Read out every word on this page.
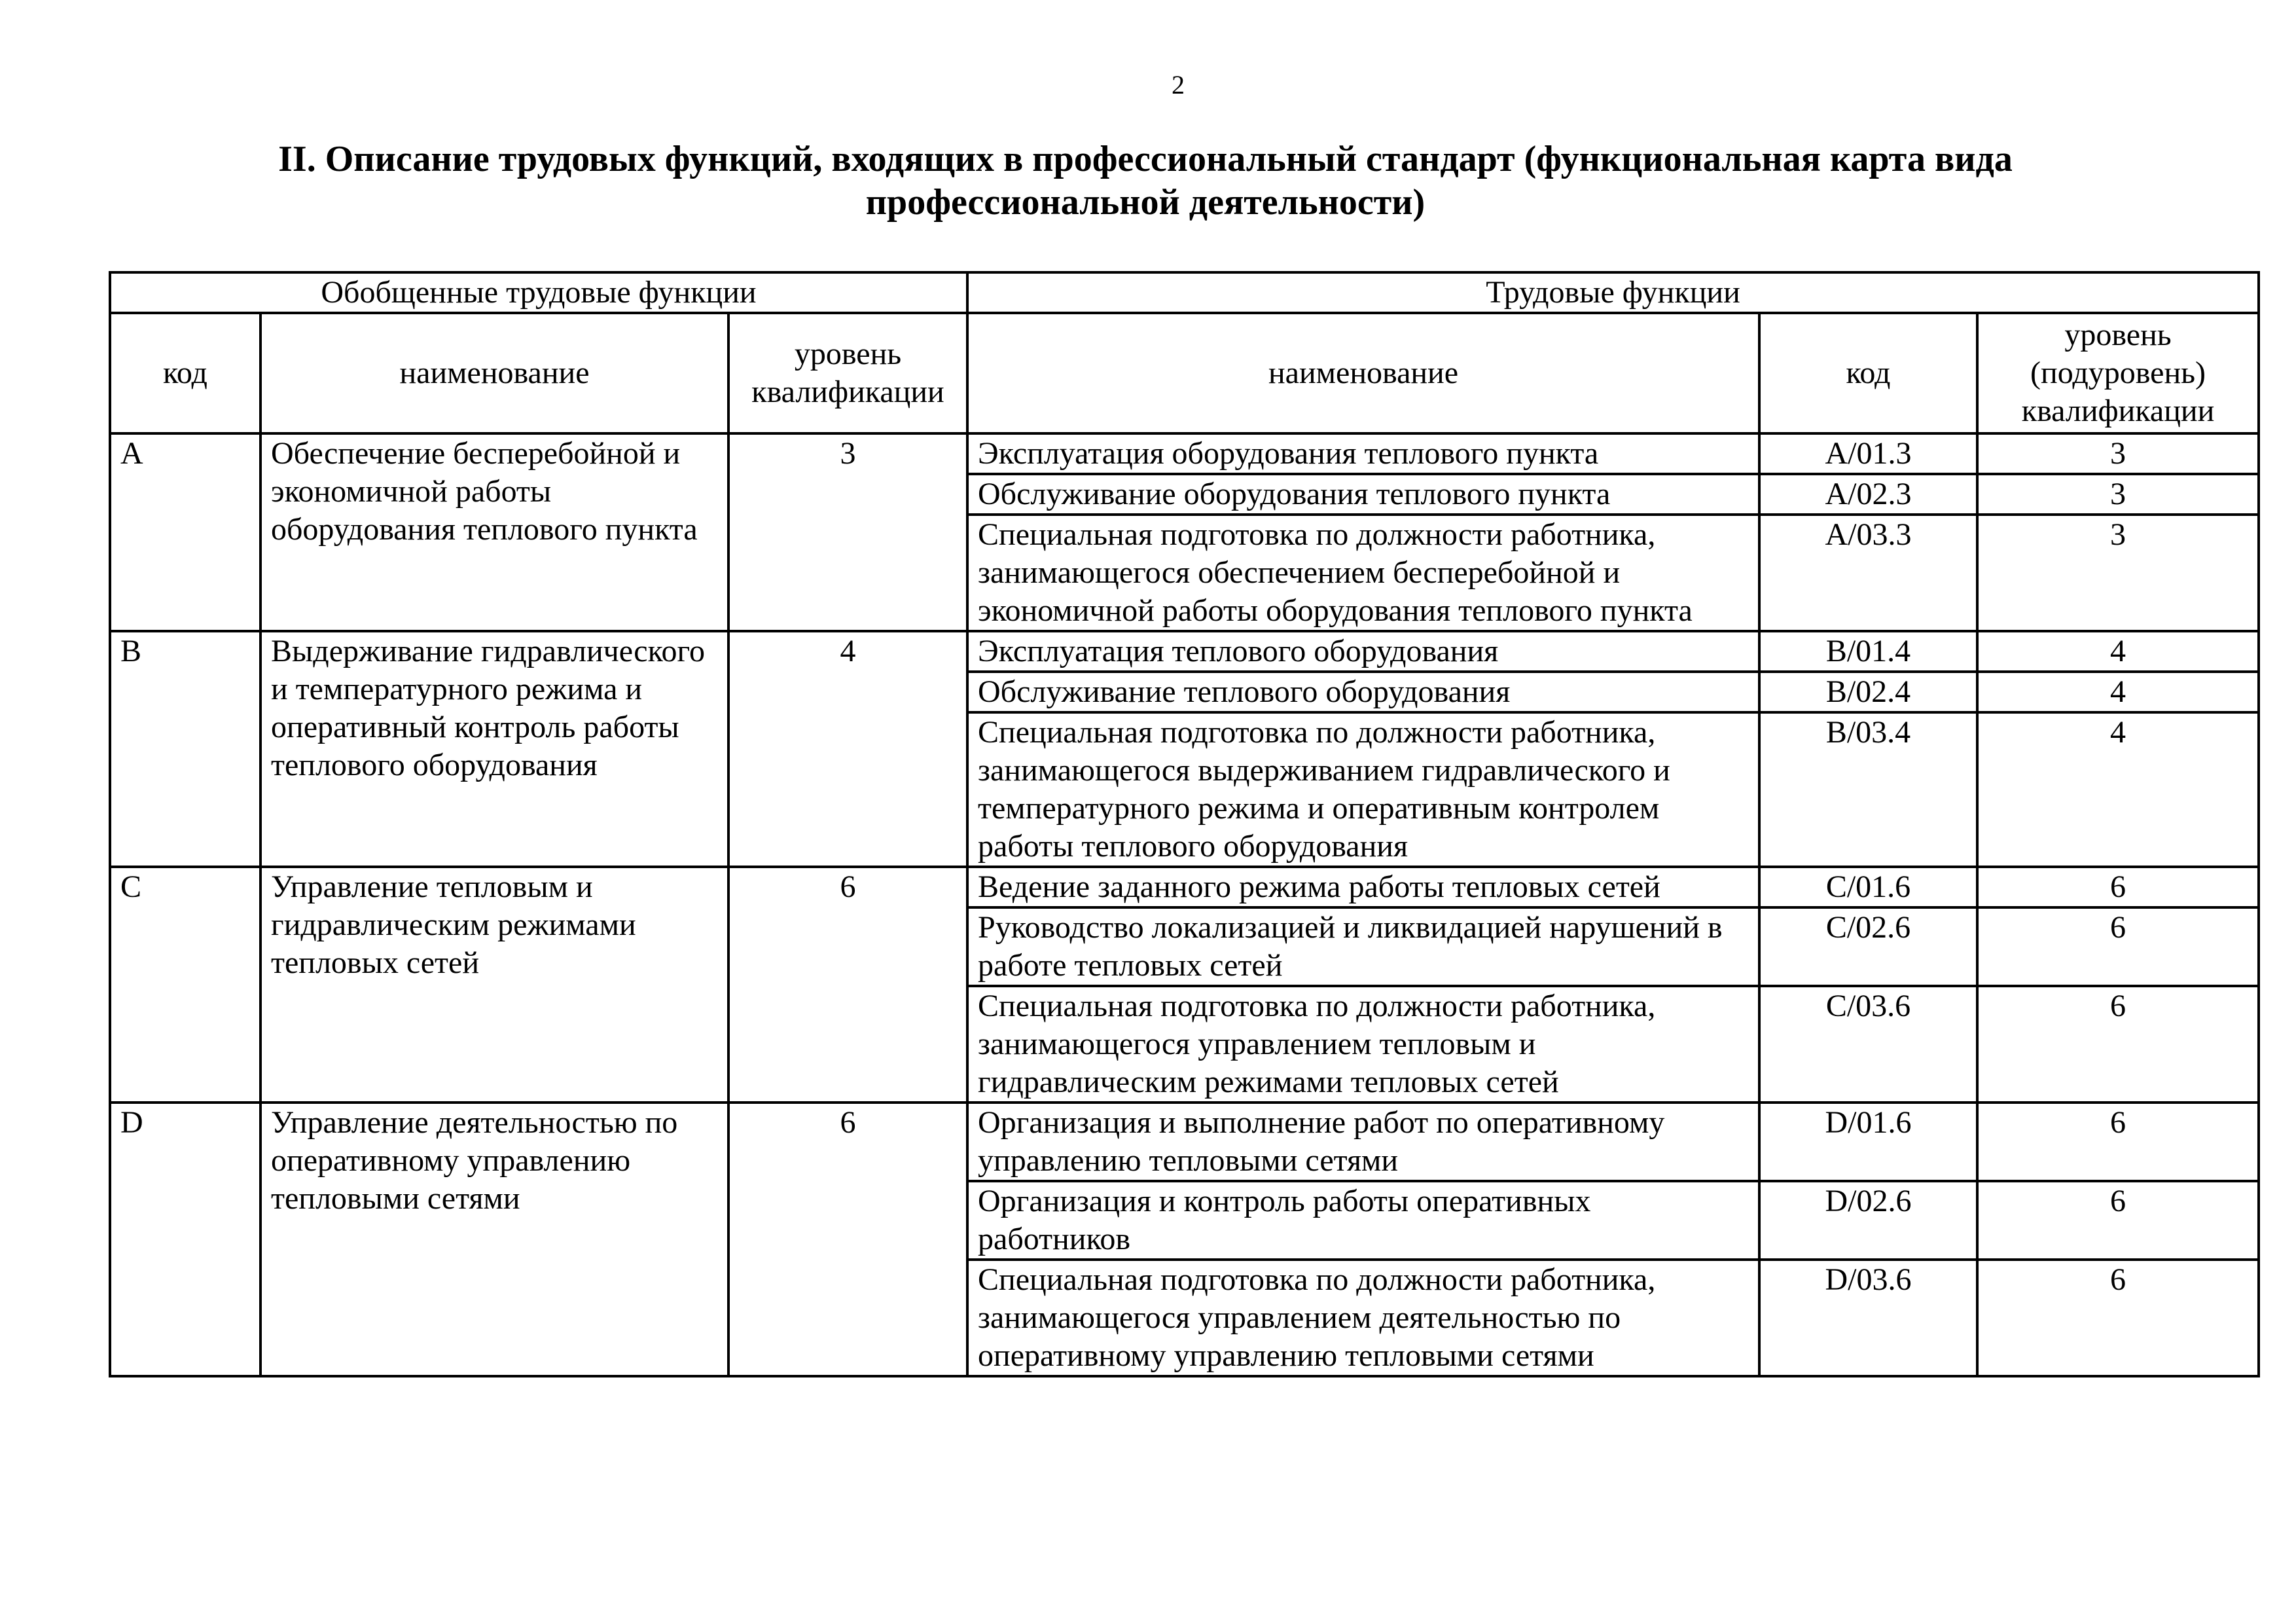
2
II. Описание трудовых функций, входящих в профессиональный стандарт (функциональная карта вида
профессиональной деятельности)
Обобщенные трудовые функции			Трудовые функции		
код	наименование	уровень квалификации	наименование	код	уровень (подуровень) квалификации
A	Обеспечение бесперебойной и экономичной работы оборудования теплового пункта	3	Эксплуатация оборудования теплового пункта	A/01.3	3
			Обслуживание оборудования теплового пункта	A/02.3	3
			Специальная подготовка по должности работника, занимающегося обеспечением бесперебойной и экономичной работы оборудования теплового пункта	A/03.3	3
B	Выдерживание гидравлического и температурного режима и оперативный контроль работы теплового оборудования	4	Эксплуатация теплового оборудования	B/01.4	4
			Обслуживание теплового оборудования	B/02.4	4
			Специальная подготовка по должности работника, занимающегося выдерживанием гидравлического и температурного режима и оперативным контролем работы теплового оборудования	B/03.4	4
C	Управление тепловым и гидравлическим режимами тепловых сетей	6	Ведение заданного режима работы тепловых сетей	C/01.6	6
			Руководство локализацией и ликвидацией нарушений в работе тепловых сетей	C/02.6	6
			Специальная подготовка по должности работника, занимающегося управлением тепловым и гидравлическим режимами тепловых сетей	C/03.6	6
D	Управление деятельностью по оперативному управлению тепловыми сетями	6	Организация и выполнение работ по оперативному управлению тепловыми сетями	D/01.6	6
			Организация и контроль работы оперативных работников	D/02.6	6
			Специальная подготовка по должности работника, занимающегося управлением деятельностью по оперативному управлению тепловыми сетями	D/03.6	6
